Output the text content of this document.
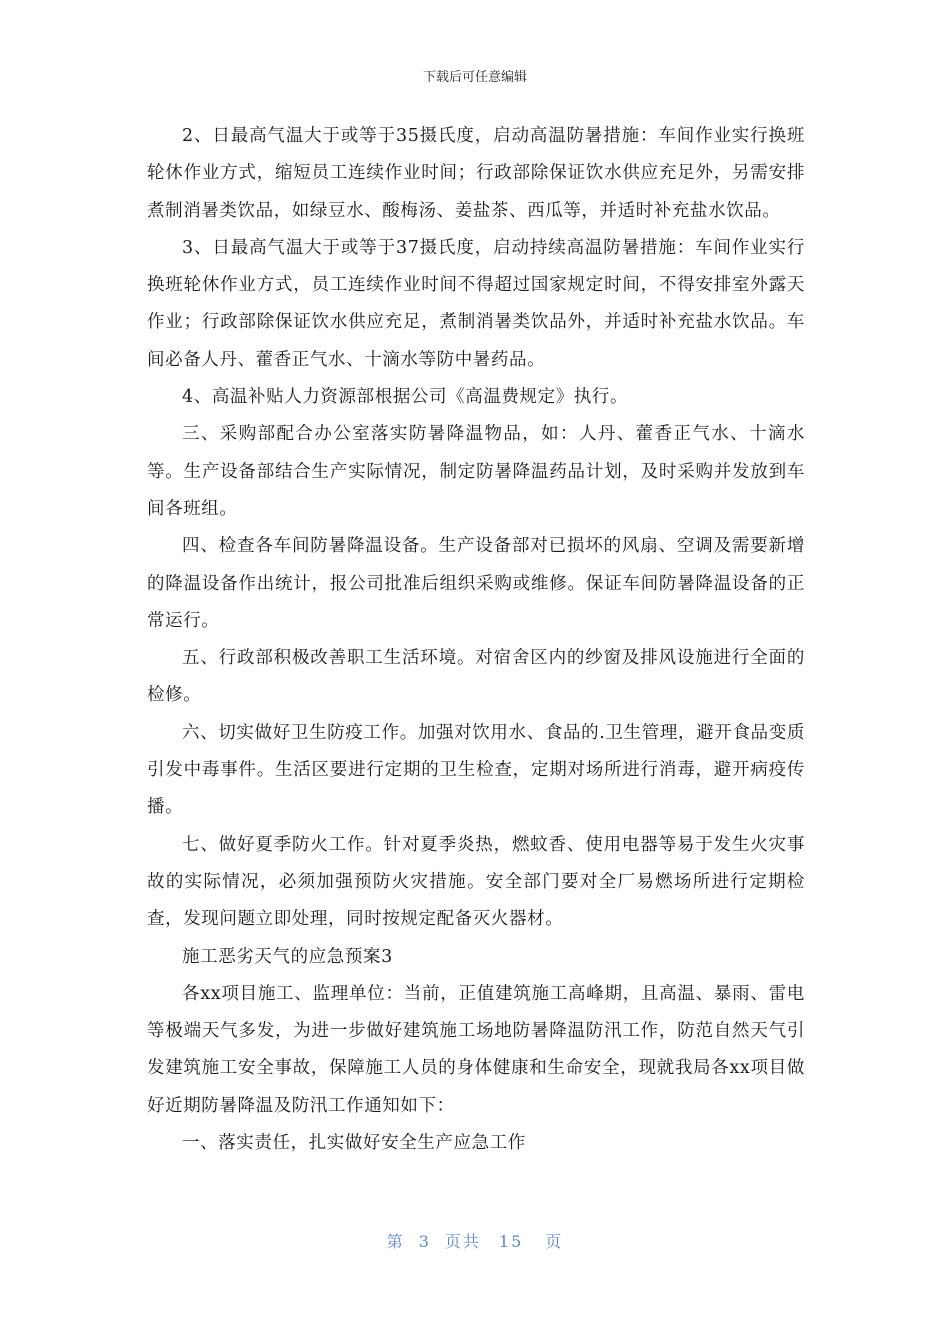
下载后可任意编辑

2、日最高气温大于或等于35摄氏度，启动高温防暑措施：车间作业实行换班轮休作业方式，缩短员工连续作业时间；行政部除保证饮水供应充足外，另需安排煮制消暑类饮品，如绿豆水、酸梅汤、姜盐茶、西瓜等，并适时补充盐水饮品。

3、日最高气温大于或等于37摄氏度，启动持续高温防暑措施：车间作业实行换班轮休作业方式，员工连续作业时间不得超过国家规定时间，不得安排室外露天作业；行政部除保证饮水供应充足，煮制消暑类饮品外，并适时补充盐水饮品。车间必备人丹、藿香正气水、十滴水等防中暑药品。

4、高温补贴人力资源部根据公司《高温费规定》执行。

三、采购部配合办公室落实防暑降温物品，如：人丹、藿香正气水、十滴水等。生产设备部结合生产实际情况，制定防暑降温药品计划，及时采购并发放到车间各班组。

四、检查各车间防暑降温设备。生产设备部对已损坏的风扇、空调及需要新增的降温设备作出统计，报公司批准后组织采购或维修。保证车间防暑降温设备的正常运行。

五、行政部积极改善职工生活环境。对宿舍区内的纱窗及排风设施进行全面的检修。

六、切实做好卫生防疫工作。加强对饮用水、食品的.卫生管理，避开食品变质引发中毒事件。生活区要进行定期的卫生检查，定期对场所进行消毒，避开病疫传播。

七、做好夏季防火工作。针对夏季炎热，燃蚊香、使用电器等易于发生火灾事故的实际情况，必须加强预防火灾措施。安全部门要对全厂易燃场所进行定期检查，发现问题立即处理，同时按规定配备灭火器材。

施工恶劣天气的应急预案3

各xx项目施工、监理单位：当前，正值建筑施工高峰期，且高温、暴雨、雷电等极端天气多发，为进一步做好建筑施工场地防暑降温防汛工作，防范自然天气引发建筑施工安全事故，保障施工人员的身体健康和生命安全，现就我局各xx项目做好近期防暑降温及防汛工作通知如下：

一、落实责任，扎实做好安全生产应急工作

第 3 页共 15 页
